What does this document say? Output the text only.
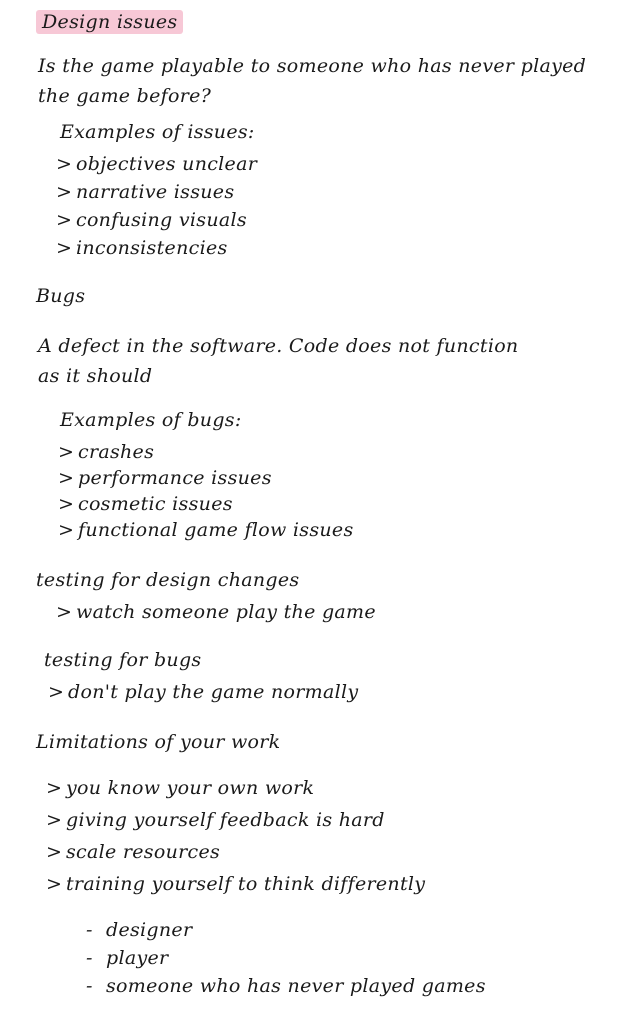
Design issues
Is the game playable to someone who has never played
the game before?
Examples of issues:
> objectives unclear
> narrative issues
> confusing visuals
> inconsistencies
Bugs
A defect in the software. Code does not function
as it should
Examples of bugs:
> crashes
> performance issues
> cosmetic issues
> functional game flow issues
testing for design changes
> watch someone play the game
testing for bugs
> don't play the game normally
Limitations of your work
> you know your own work
> giving yourself feedback is hard
> scale resources
> training yourself to think differently
- designer
- player
- someone who has never played games
